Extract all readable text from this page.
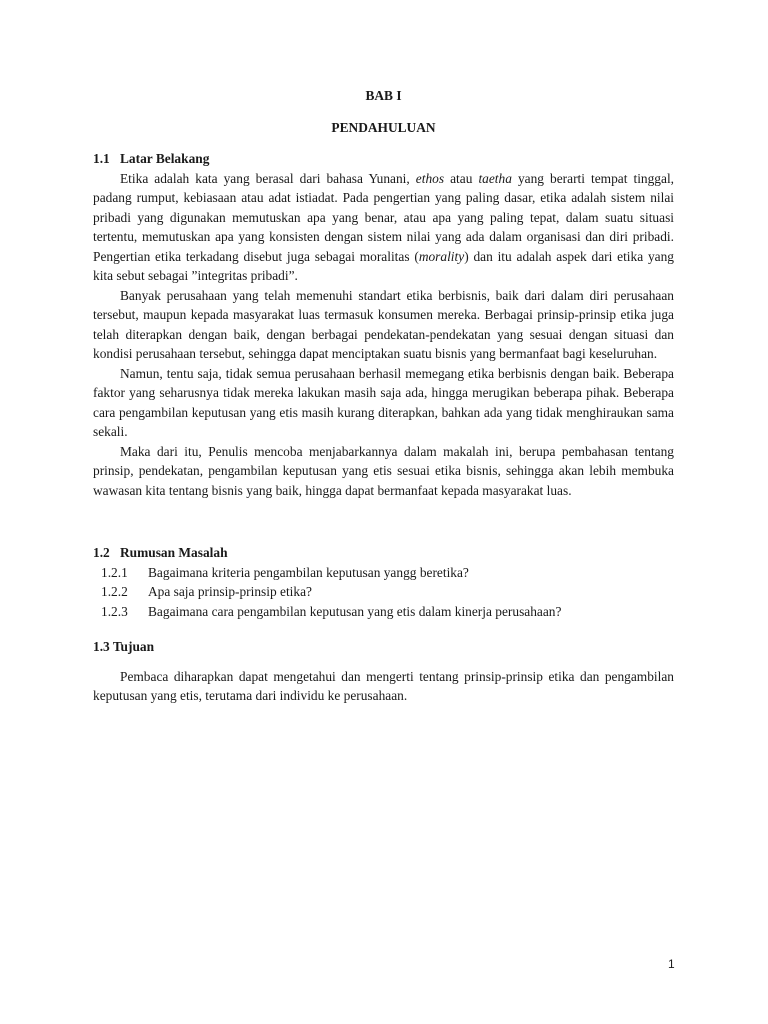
BAB I

PENDAHULUAN

1.1 Latar Belakang

Etika adalah kata yang berasal dari bahasa Yunani, ethos atau taetha yang berarti tempat tinggal, padang rumput, kebiasaan atau adat istiadat. Pada pengertian yang paling dasar, etika adalah sistem nilai pribadi yang digunakan memutuskan apa yang benar, atau apa yang paling tepat, dalam suatu situasi tertentu, memutuskan apa yang konsisten dengan sistem nilai yang ada dalam organisasi dan diri pribadi. Pengertian etika terkadang disebut juga sebagai moralitas (morality) dan itu adalah aspek dari etika yang kita sebut sebagai ”integritas pribadi”.

Banyak perusahaan yang telah memenuhi standart etika berbisnis, baik dari dalam diri perusahaan tersebut, maupun kepada masyarakat luas termasuk konsumen mereka. Berbagai prinsip-prinsip etika juga telah diterapkan dengan baik, dengan berbagai pendekatan-pendekatan yang sesuai dengan situasi dan kondisi perusahaan tersebut, sehingga dapat menciptakan suatu bisnis yang bermanfaat bagi keseluruhan.

Namun, tentu saja, tidak semua perusahaan berhasil memegang etika berbisnis dengan baik. Beberapa faktor yang seharusnya tidak mereka lakukan masih saja ada, hingga merugikan beberapa pihak. Beberapa cara pengambilan keputusan yang etis masih kurang diterapkan, bahkan ada yang tidak menghiraukan sama sekali.

Maka dari itu, Penulis mencoba menjabarkannya dalam makalah ini, berupa pembahasan tentang prinsip, pendekatan, pengambilan keputusan yang etis sesuai etika bisnis, sehingga akan lebih membuka wawasan kita tentang bisnis yang baik, hingga dapat bermanfaat kepada masyarakat luas.

1.2 Rumusan Masalah
1.2.1	Bagaimana kriteria pengambilan keputusan yangg beretika?
1.2.2	Apa saja prinsip-prinsip etika?
1.2.3	Bagaimana cara pengambilan keputusan yang etis dalam kinerja perusahaan?
1.3 Tujuan

Pembaca diharapkan dapat mengetahui dan mengerti tentang prinsip-prinsip etika dan pengambilan keputusan yang etis, terutama dari individu ke perusahaan.

1
